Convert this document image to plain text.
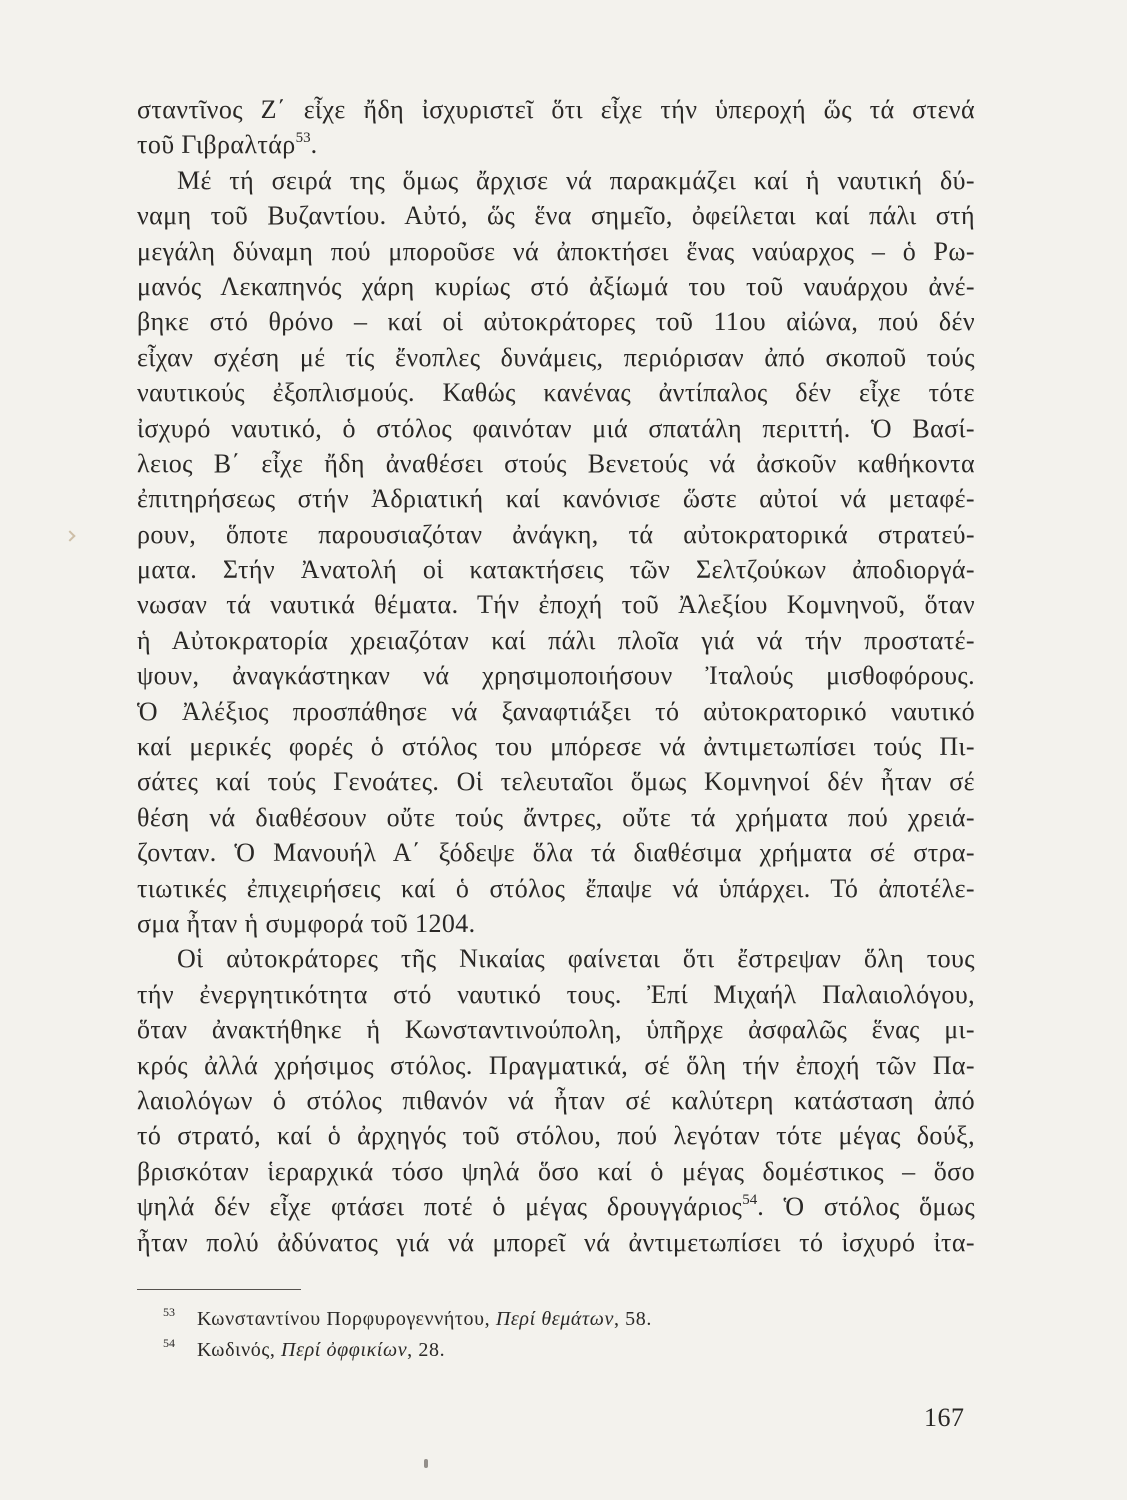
σταντῖνος Ζ΄ εἶχε ἤδη ἰσχυριστεῖ ὅτι εἶχε τήν ὑπεροχή ὥς τά στενά
τοῦ Γιβραλτάρ$^{53}$.
Μέ τή σειρά της ὅμως ἄρχισε νά παρακμάζει καί ἡ ναυτική δύ-
ναμη τοῦ Βυζαντίου. Αὐτό, ὥς ἕνα σημεῖο, ὀφείλεται καί πάλι στή
μεγάλη δύναμη πού μποροῦσε νά ἀποκτήσει ἕνας ναύαρχος – ὁ Ρω-
μανός Λεκαπηνός χάρη κυρίως στό ἀξίωμά του τοῦ ναυάρχου ἀνέ-
βηκε στό θρόνο – καί οἱ αὐτοκράτορες τοῦ 11ου αἰώνα, πού δέν
εἶχαν σχέση μέ τίς ἔνοπλες δυνάμεις, περιόρισαν ἀπό σκοποῦ τούς
ναυτικούς ἐξοπλισμούς. Καθώς κανένας ἀντίπαλος δέν εἶχε τότε
ἰσχυρό ναυτικό, ὁ στόλος φαινόταν μιά σπατάλη περιττή. Ὁ Βασί-
λειος Β΄ εἶχε ἤδη ἀναθέσει στούς Βενετούς νά ἀσκοῦν καθήκοντα
ἐπιτηρήσεως στήν Ἀδριατική καί κανόνισε ὥστε αὐτοί νά μεταφέ-
ρουν, ὅποτε παρουσιαζόταν ἀνάγκη, τά αὐτοκρατορικά στρατεύ-
ματα. Στήν Ἀνατολή οἱ κατακτήσεις τῶν Σελτζούκων ἀποδιοργά-
νωσαν τά ναυτικά θέματα. Τήν ἐποχή τοῦ Ἀλεξίου Κομνηνοῦ, ὅταν
ἡ Αὐτοκρατορία χρειαζόταν καί πάλι πλοῖα γιά νά τήν προστατέ-
ψουν, ἀναγκάστηκαν νά χρησιμοποιήσουν Ἰταλούς μισθοφόρους.
Ὁ Ἀλέξιος προσπάθησε νά ξαναφτιάξει τό αὐτοκρατορικό ναυτικό
καί μερικές φορές ὁ στόλος του μπόρεσε νά ἀντιμετωπίσει τούς Πι-
σάτες καί τούς Γενοάτες. Οἱ τελευταῖοι ὅμως Κομνηνοί δέν ἦταν σέ
θέση νά διαθέσουν οὔτε τούς ἄντρες, οὔτε τά χρήματα πού χρειά-
ζονταν. Ὁ Μανουήλ Α΄ ξόδεψε ὅλα τά διαθέσιμα χρήματα σέ στρα-
τιωτικές ἐπιχειρήσεις καί ὁ στόλος ἔπαψε νά ὑπάρχει. Τό ἀποτέλε-
σμα ἦταν ἡ συμφορά τοῦ 1204.
Οἱ αὐτοκράτορες τῆς Νικαίας φαίνεται ὅτι ἔστρεψαν ὅλη τους
τήν ἐνεργητικότητα στό ναυτικό τους. Ἐπί Μιχαήλ Παλαιολόγου,
ὅταν ἀνακτήθηκε ἡ Κωνσταντινούπολη, ὑπῆρχε ἀσφαλῶς ἕνας μι-
κρός ἀλλά χρήσιμος στόλος. Πραγματικά, σέ ὅλη τήν ἐποχή τῶν Πα-
λαιολόγων ὁ στόλος πιθανόν νά ἦταν σέ καλύτερη κατάσταση ἀπό
τό στρατό, καί ὁ ἀρχηγός τοῦ στόλου, πού λεγόταν τότε μέγας δούξ,
βρισκόταν ἱεραρχικά τόσο ψηλά ὅσο καί ὁ μέγας δομέστικος – ὅσο
ψηλά δέν εἶχε φτάσει ποτέ ὁ μέγας δρουγγάριος$^{54}$. Ὁ στόλος ὅμως
ἦταν πολύ ἀδύνατος γιά νά μπορεῖ νά ἀντιμετωπίσει τό ἰσχυρό ἰτα-
53 Κωνσταντίνου Πορφυρογεννήτου, Περί θεμάτων, 58.
54 Κωδινός, Περί ὀφφικίων, 28.
167
